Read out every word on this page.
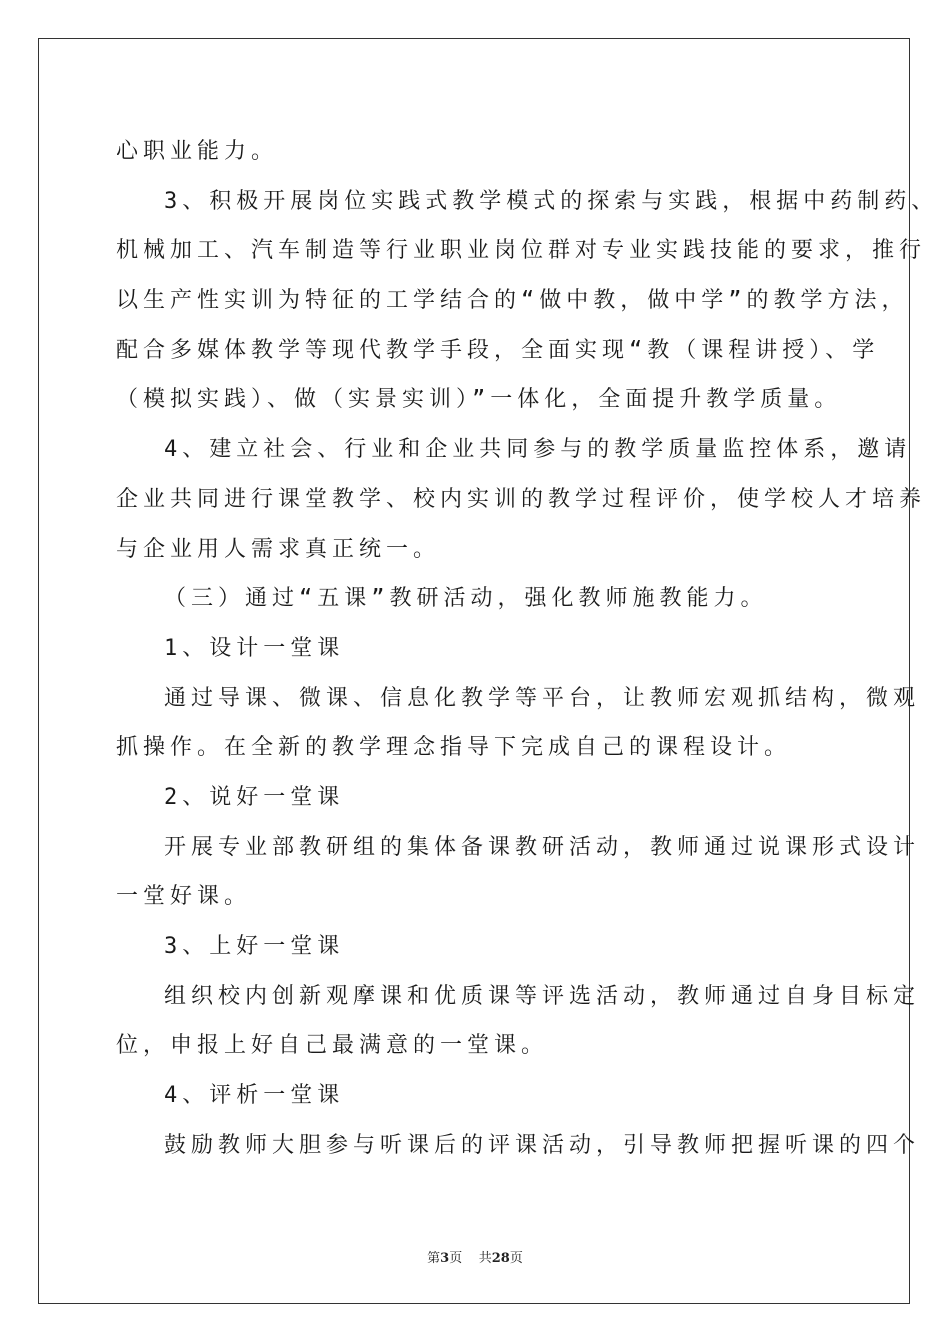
心职业能力。
3、积极开展岗位实践式教学模式的探索与实践，根据中药制药、
机械加工、汽车制造等行业职业岗位群对专业实践技能的要求，推行
以生产性实训为特征的工学结合的“做中教，做中学”的教学方法，
配合多媒体教学等现代教学手段，全面实现“教（课程讲授）、学
（模拟实践）、做（实景实训）”一体化，全面提升教学质量。
4、建立社会、行业和企业共同参与的教学质量监控体系，邀请
企业共同进行课堂教学、校内实训的教学过程评价，使学校人才培养
与企业用人需求真正统一。
（三）通过“五课”教研活动，强化教师施教能力。
1、设计一堂课
通过导课、微课、信息化教学等平台，让教师宏观抓结构，微观
抓操作。在全新的教学理念指导下完成自己的课程设计。
2、说好一堂课
开展专业部教研组的集体备课教研活动，教师通过说课形式设计
一堂好课。
3、上好一堂课
组织校内创新观摩课和优质课等评选活动，教师通过自身目标定
位，申报上好自己最满意的一堂课。
4、评析一堂课
鼓励教师大胆参与听课后的评课活动，引导教师把握听课的四个
第3页 共28页
